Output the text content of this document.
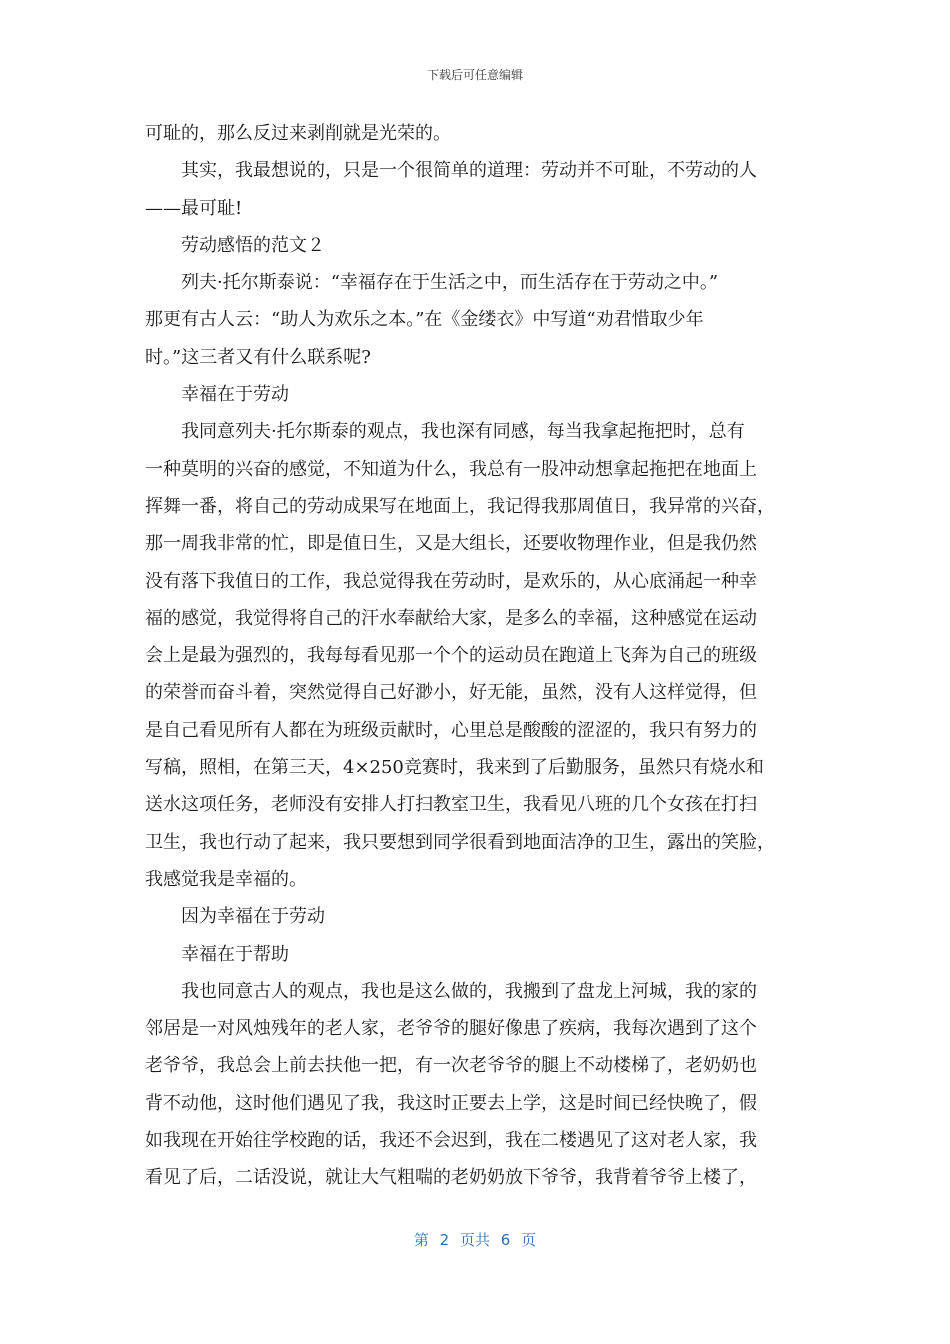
下载后可任意编辑
可耻的，那么反过来剥削就是光荣的。
其实，我最想说的，只是一个很简单的道理：劳动并不可耻，不劳动的人
——最可耻!
劳动感悟的范文２
列夫·托尔斯泰说：“幸福存在于生活之中，而生活存在于劳动之中。”
那更有古人云：“助人为欢乐之本。”在《金缕衣》中写道“劝君惜取少年
时。”这三者又有什么联系呢?
幸福在于劳动
我同意列夫·托尔斯泰的观点，我也深有同感，每当我拿起拖把时，总有
一种莫明的兴奋的感觉，不知道为什么，我总有一股冲动想拿起拖把在地面上
挥舞一番，将自己的劳动成果写在地面上，我记得我那周值日，我异常的兴奋，
那一周我非常的忙，即是值日生，又是大组长，还要收物理作业，但是我仍然
没有落下我值日的工作，我总觉得我在劳动时，是欢乐的，从心底涌起一种幸
福的感觉，我觉得将自己的汗水奉献给大家，是多么的幸福，这种感觉在运动
会上是最为强烈的，我每每看见那一个个的运动员在跑道上飞奔为自己的班级
的荣誉而奋斗着，突然觉得自己好渺小，好无能，虽然，没有人这样觉得，但
是自己看见所有人都在为班级贡献时，心里总是酸酸的涩涩的，我只有努力的
写稿，照相，在第三天，4×250竞赛时，我来到了后勤服务，虽然只有烧水和
送水这项任务，老师没有安排人打扫教室卫生，我看见八班的几个女孩在打扫
卫生，我也行动了起来，我只要想到同学很看到地面洁净的卫生，露出的笑脸，
我感觉我是幸福的。
因为幸福在于劳动
幸福在于帮助
我也同意古人的观点，我也是这么做的，我搬到了盘龙上河城，我的家的
邻居是一对风烛残年的老人家，老爷爷的腿好像患了疾病，我每次遇到了这个
老爷爷，我总会上前去扶他一把，有一次老爷爷的腿上不动楼梯了，老奶奶也
背不动他，这时他们遇见了我，我这时正要去上学，这是时间已经快晚了，假
如我现在开始往学校跑的话，我还不会迟到，我在二楼遇见了这对老人家，我
看见了后，二话没说，就让大气粗喘的老奶奶放下爷爷，我背着爷爷上楼了，
第 2 页共 6 页
